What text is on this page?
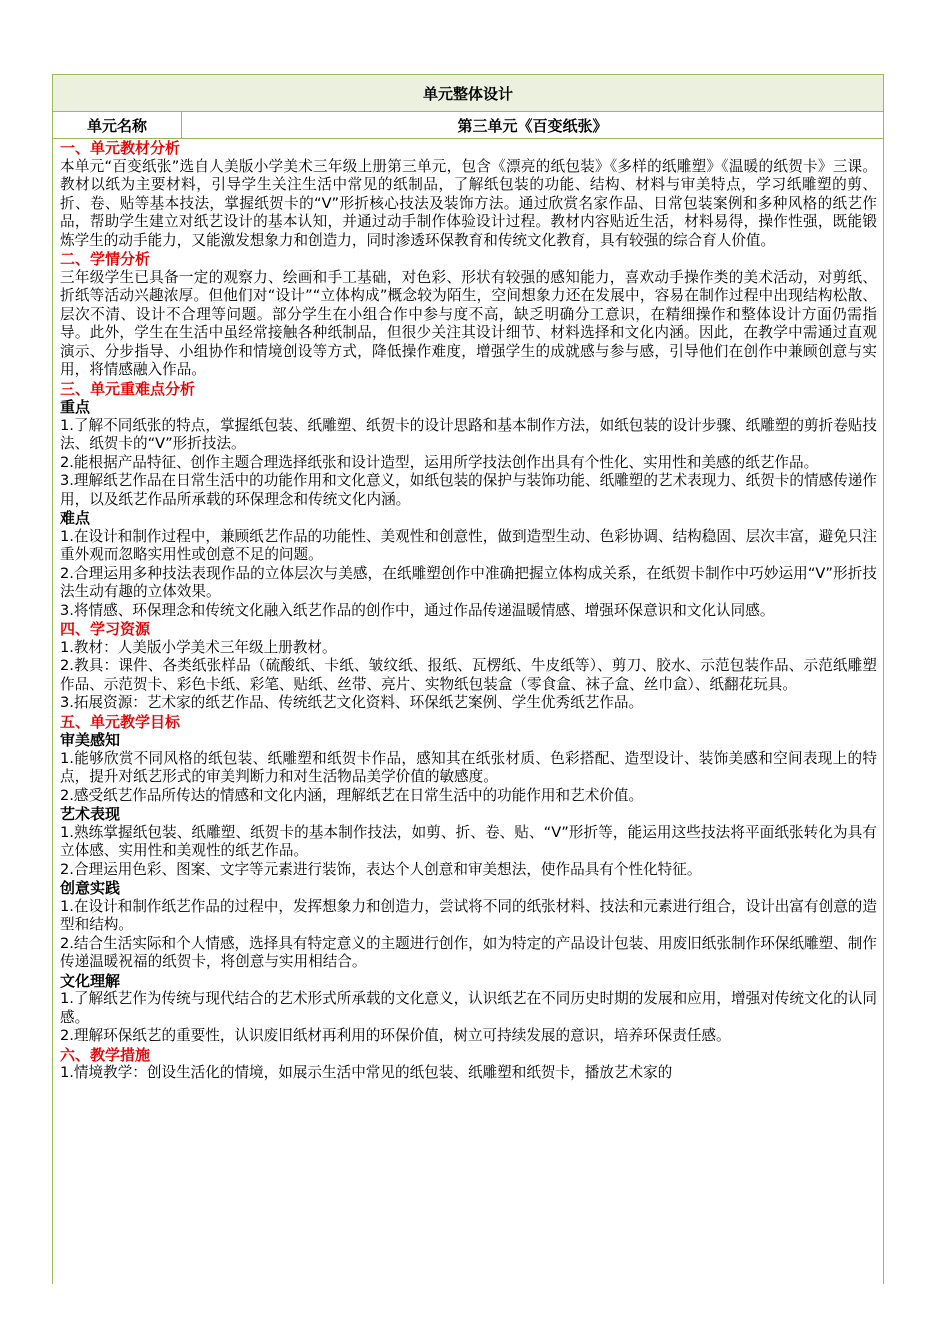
单元整体设计
单元名称	第三单元《百变纸张》
一、单元教材分析

本单元“百变纸张”选自人美版小学美术三年级上册第三单元，包含《漂亮的纸包装》《多样的纸雕塑》《温暖的纸贺卡》三课。教材以纸为主要材料，引导学生关注生活中常见的纸制品，了解纸包装的功能、结构、材料与审美特点，学习纸雕塑的剪、折、卷、贴等基本技法，掌握纸贺卡的“V”形折核心技法及装饰方法。通过欣赏名家作品、日常包装案例和多种风格的纸艺作品，帮助学生建立对纸艺设计的基本认知，并通过动手制作体验设计过程。教材内容贴近生活，材料易得，操作性强，既能锻炼学生的动手能力，又能激发想象力和创造力，同时渗透环保教育和传统文化教育，具有较强的综合育人价值。

二、学情分析

三年级学生已具备一定的观察力、绘画和手工基础，对色彩、形状有较强的感知能力，喜欢动手操作类的美术活动，对剪纸、折纸等活动兴趣浓厚。但他们对“设计”“立体构成”概念较为陌生，空间想象力还在发展中，容易在制作过程中出现结构松散、层次不清、设计不合理等问题。部分学生在小组合作中参与度不高，缺乏明确分工意识，在精细操作和整体设计方面仍需指导。此外，学生在生活中虽经常接触各种纸制品，但很少关注其设计细节、材料选择和文化内涵。因此，在教学中需通过直观演示、分步指导、小组协作和情境创设等方式，降低操作难度，增强学生的成就感与参与感，引导他们在创作中兼顾创意与实用，将情感融入作品。

三、单元重难点分析
重点

1.了解不同纸张的特点，掌握纸包装、纸雕塑、纸贺卡的设计思路和基本制作方法，如纸包装的设计步骤、纸雕塑的剪折卷贴技法、纸贺卡的“V”形折技法。

2.能根据产品特征、创作主题合理选择纸张和设计造型，运用所学技法创作出具有个性化、实用性和美感的纸艺作品。

3.理解纸艺作品在日常生活中的功能作用和文化意义，如纸包装的保护与装饰功能、纸雕塑的艺术表现力、纸贺卡的情感传递作用，以及纸艺作品所承载的环保理念和传统文化内涵。

难点

1.在设计和制作过程中，兼顾纸艺作品的功能性、美观性和创意性，做到造型生动、色彩协调、结构稳固、层次丰富，避免只注重外观而忽略实用性或创意不足的问题。

2.合理运用多种技法表现作品的立体层次与美感，在纸雕塑创作中准确把握立体构成关系，在纸贺卡制作中巧妙运用“V”形折技法生动有趣的立体效果。

3.将情感、环保理念和传统文化融入纸艺作品的创作中，通过作品传递温暖情感、增强环保意识和文化认同感。

四、学习资源

1.教材：人美版小学美术三年级上册教材。

2.教具：课件、各类纸张样品（硫酸纸、卡纸、皱纹纸、报纸、瓦楞纸、牛皮纸等）、剪刀、胶水、示范包装作品、示范纸雕塑作品、示范贺卡、彩色卡纸、彩笔、贴纸、丝带、亮片、实物纸包装盒（零食盒、袜子盒、丝巾盒）、纸翻花玩具。

3.拓展资源：艺术家的纸艺作品、传统纸艺文化资料、环保纸艺案例、学生优秀纸艺作品。

五、单元教学目标
审美感知

1.能够欣赏不同风格的纸包装、纸雕塑和纸贺卡作品，感知其在纸张材质、色彩搭配、造型设计、装饰美感和空间表现上的特点，提升对纸艺形式的审美判断力和对生活物品美学价值的敏感度。

2.感受纸艺作品所传达的情感和文化内涵，理解纸艺在日常生活中的功能作用和艺术价值。

艺术表现

1.熟练掌握纸包装、纸雕塑、纸贺卡的基本制作技法，如剪、折、卷、贴、“V”形折等，能运用这些技法将平面纸张转化为具有立体感、实用性和美观性的纸艺作品。

2.合理运用色彩、图案、文字等元素进行装饰，表达个人创意和审美想法，使作品具有个性化特征。

创意实践

1.在设计和制作纸艺作品的过程中，发挥想象力和创造力，尝试将不同的纸张材料、技法和元素进行组合，设计出富有创意的造型和结构。

2.结合生活实际和个人情感，选择具有特定意义的主题进行创作，如为特定的产品设计包装、用废旧纸张制作环保纸雕塑、制作传递温暖祝福的纸贺卡，将创意与实用相结合。

文化理解

1.了解纸艺作为传统与现代结合的艺术形式所承载的文化意义，认识纸艺在不同历史时期的发展和应用，增强对传统文化的认同感。

2.理解环保纸艺的重要性，认识废旧纸材再利用的环保价值，树立可持续发展的意识，培养环保责任感。

六、教学措施

1.情境教学：创设生活化的情境，如展示生活中常见的纸包装、纸雕塑和纸贺卡，播放艺术家的
